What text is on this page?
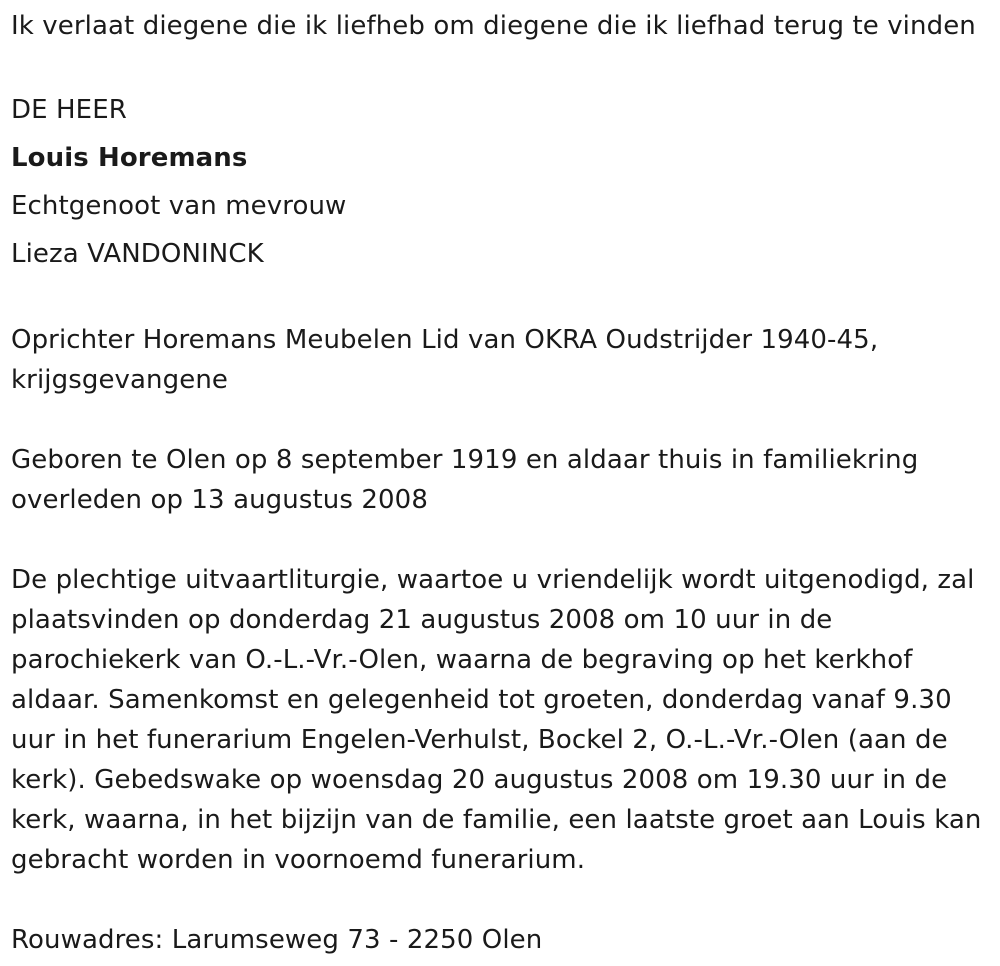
Ik verlaat diegene die ik liefheb om diegene die ik liefhad terug te vinden
DE HEER
Louis Horemans
Echtgenoot van mevrouw
Lieza VANDONINCK
Oprichter Horemans Meubelen Lid van OKRA Oudstrijder 1940-45, krijgsgevangene
Geboren te Olen op 8 september 1919 en aldaar thuis in familiekring overleden op 13 augustus 2008
De plechtige uitvaartliturgie, waartoe u vriendelijk wordt uitgenodigd, zal plaatsvinden op donderdag 21 augustus 2008 om 10 uur in de parochiekerk van O.-L.-Vr.-Olen, waarna de begraving op het kerkhof aldaar. Samenkomst en gelegenheid tot groeten, donderdag vanaf 9.30 uur in het funerarium Engelen-Verhulst, Bockel 2, O.-L.-Vr.-Olen (aan de kerk). Gebedswake op woensdag 20 augustus 2008 om 19.30 uur in de kerk, waarna, in het bijzijn van de familie, een laatste groet aan Louis kan gebracht worden in voornoemd funerarium.
Rouwadres: Larumseweg 73 - 2250 Olen
